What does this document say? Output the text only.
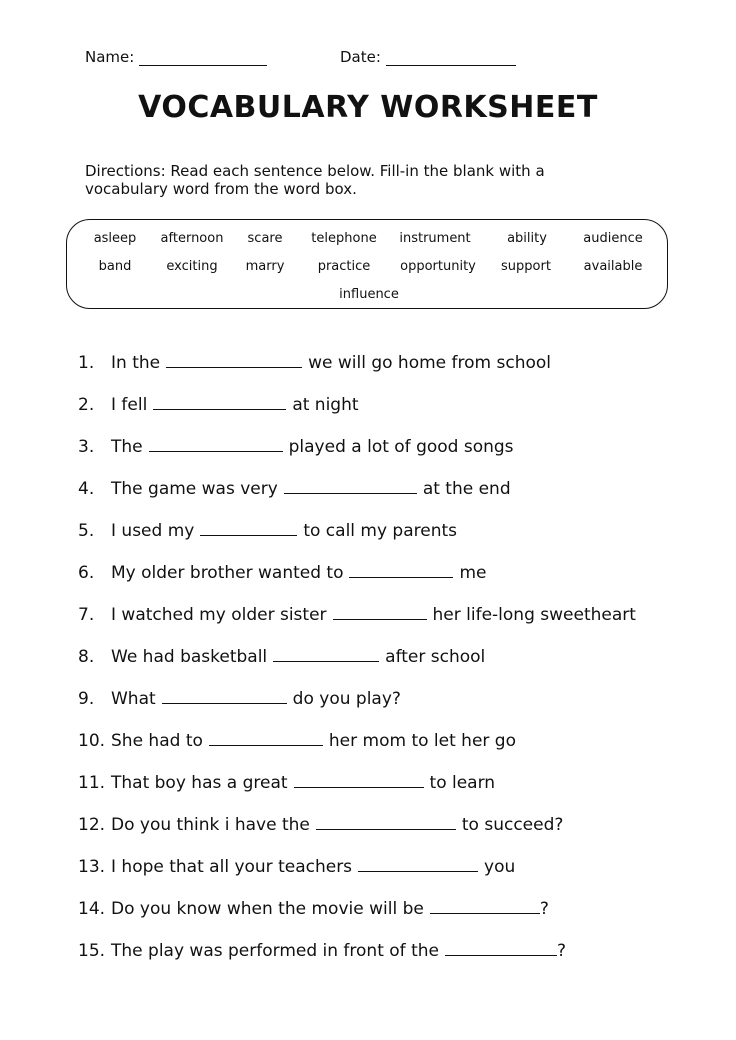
Name:	Date:
VOCABULARY WORKSHEET
Directions: Read each sentence below. Fill-in the blank with a vocabulary word from the word box.
asleep afternoon scare telephone instrument	ability	audience
band	exciting marry	practice opportunity support	available
influence
1. In the	we will go home from school
2. I fell	at night
3. The	played a lot of good songs
4. The game was very	at the end
5. I used my	to call my parents
6. My older brother wanted to	me
7. I watched my older sister	her life-long sweetheart
8. We had basketball	after school
9. What	do you play?
10. She had to	her mom to let her go
11. That boy has a great	to learn
12. Do you think i have the	to succeed?
13. I hope that all your teachers	you
14. Do you know when the movie will be	?
15. The play was performed in front of the	?
